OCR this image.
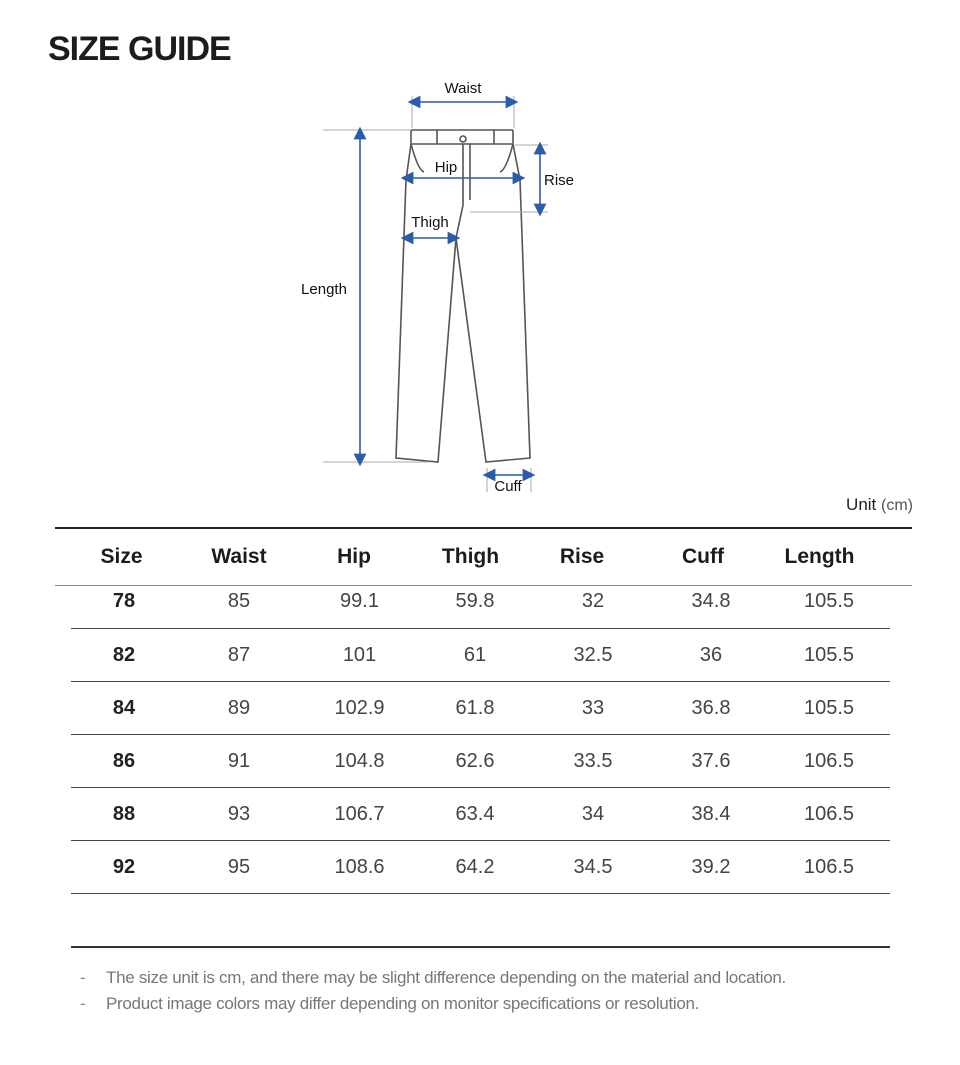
SIZE GUIDE
Waist
Hip
Rise
Thigh
Length
Cuff
Unit (cm)
Size	Waist	Hip	Thigh	Rise	Cuff	Length
78	85	99.1	59.8	32	34.8	105.5
82	87	101	61	32.5	36	105.5
84	89	102.9	61.8	33	36.8	105.5
86	91	104.8	62.6	33.5	37.6	106.5
88	93	106.7	63.4	34	38.4	106.5
92	95	108.6	64.2	34.5	39.2	106.5
-	The size unit is cm, and there may be slight difference depending on the material and location.
-	Product image colors may differ depending on monitor specifications or resolution.
